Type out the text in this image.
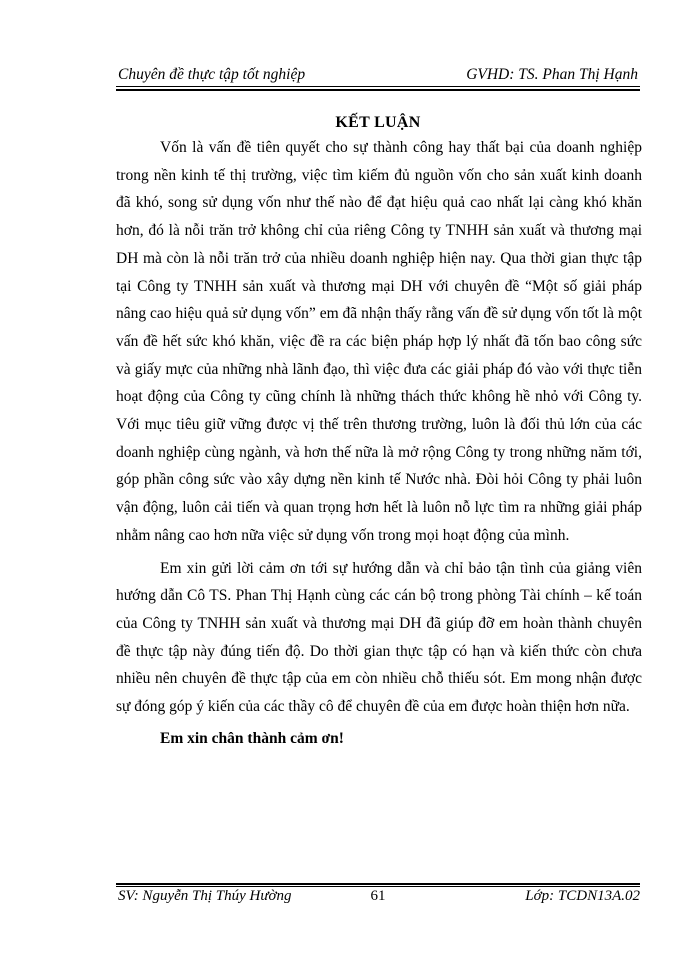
Chuyên đề thực tập tốt nghiệp	GVHD: TS. Phan Thị Hạnh
KẾT LUẬN

Vốn là vấn đề tiên quyết cho sự thành công hay thất bại của doanh nghiệp trong nền kinh tế thị trường, việc tìm kiếm đủ nguồn vốn cho sản xuất kinh doanh đã khó, song sử dụng vốn như thế nào để đạt hiệu quả cao nhất lại càng khó khăn hơn, đó là nỗi trăn trở không chỉ của riêng Công ty TNHH sản xuất và thương mại DH mà còn là nỗi trăn trở của nhiều doanh nghiệp hiện nay. Qua thời gian thực tập tại Công ty TNHH sản xuất và thương mại DH với chuyên đề “Một số giải pháp nâng cao hiệu quả sử dụng vốn” em đã nhận thấy rằng vấn đề sử dụng vốn tốt là một vấn đề hết sức khó khăn, việc đề ra các biện pháp hợp lý nhất đã tốn bao công sức và giấy mực của những nhà lãnh đạo, thì việc đưa các giải pháp đó vào với thực tiễn hoạt động của Công ty cũng chính là những thách thức không hề nhỏ với Công ty. Với mục tiêu giữ vững được vị thế trên thương trường, luôn là đối thủ lớn của các doanh nghiệp cùng ngành, và hơn thế nữa là mở rộng Công ty trong những năm tới, góp phần công sức vào xây dựng nền kinh tế Nước nhà. Đòi hỏi Công ty phải luôn vận động, luôn cải tiến và quan trọng hơn hết là luôn nỗ lực tìm ra những giải pháp nhằm nâng cao hơn nữa việc sử dụng vốn trong mọi hoạt động của mình.

Em xin gửi lời cảm ơn tới sự hướng dẫn và chỉ bảo tận tình của giảng viên hướng dẫn Cô TS. Phan Thị Hạnh cùng các cán bộ trong phòng Tài chính – kế toán của Công ty TNHH sản xuất và thương mại DH đã giúp đỡ em hoàn thành chuyên đề thực tập này đúng tiến độ. Do thời gian thực tập có hạn và kiến thức còn chưa nhiều nên chuyên đề thực tập của em còn nhiều chỗ thiếu sót. Em mong nhận được sự đóng góp ý kiến của các thầy cô để chuyên đề của em được hoàn thiện hơn nữa.

Em xin chân thành cảm ơn!

SV: Nguyễn Thị Thúy Hường	61	Lớp: TCDN13A.02
